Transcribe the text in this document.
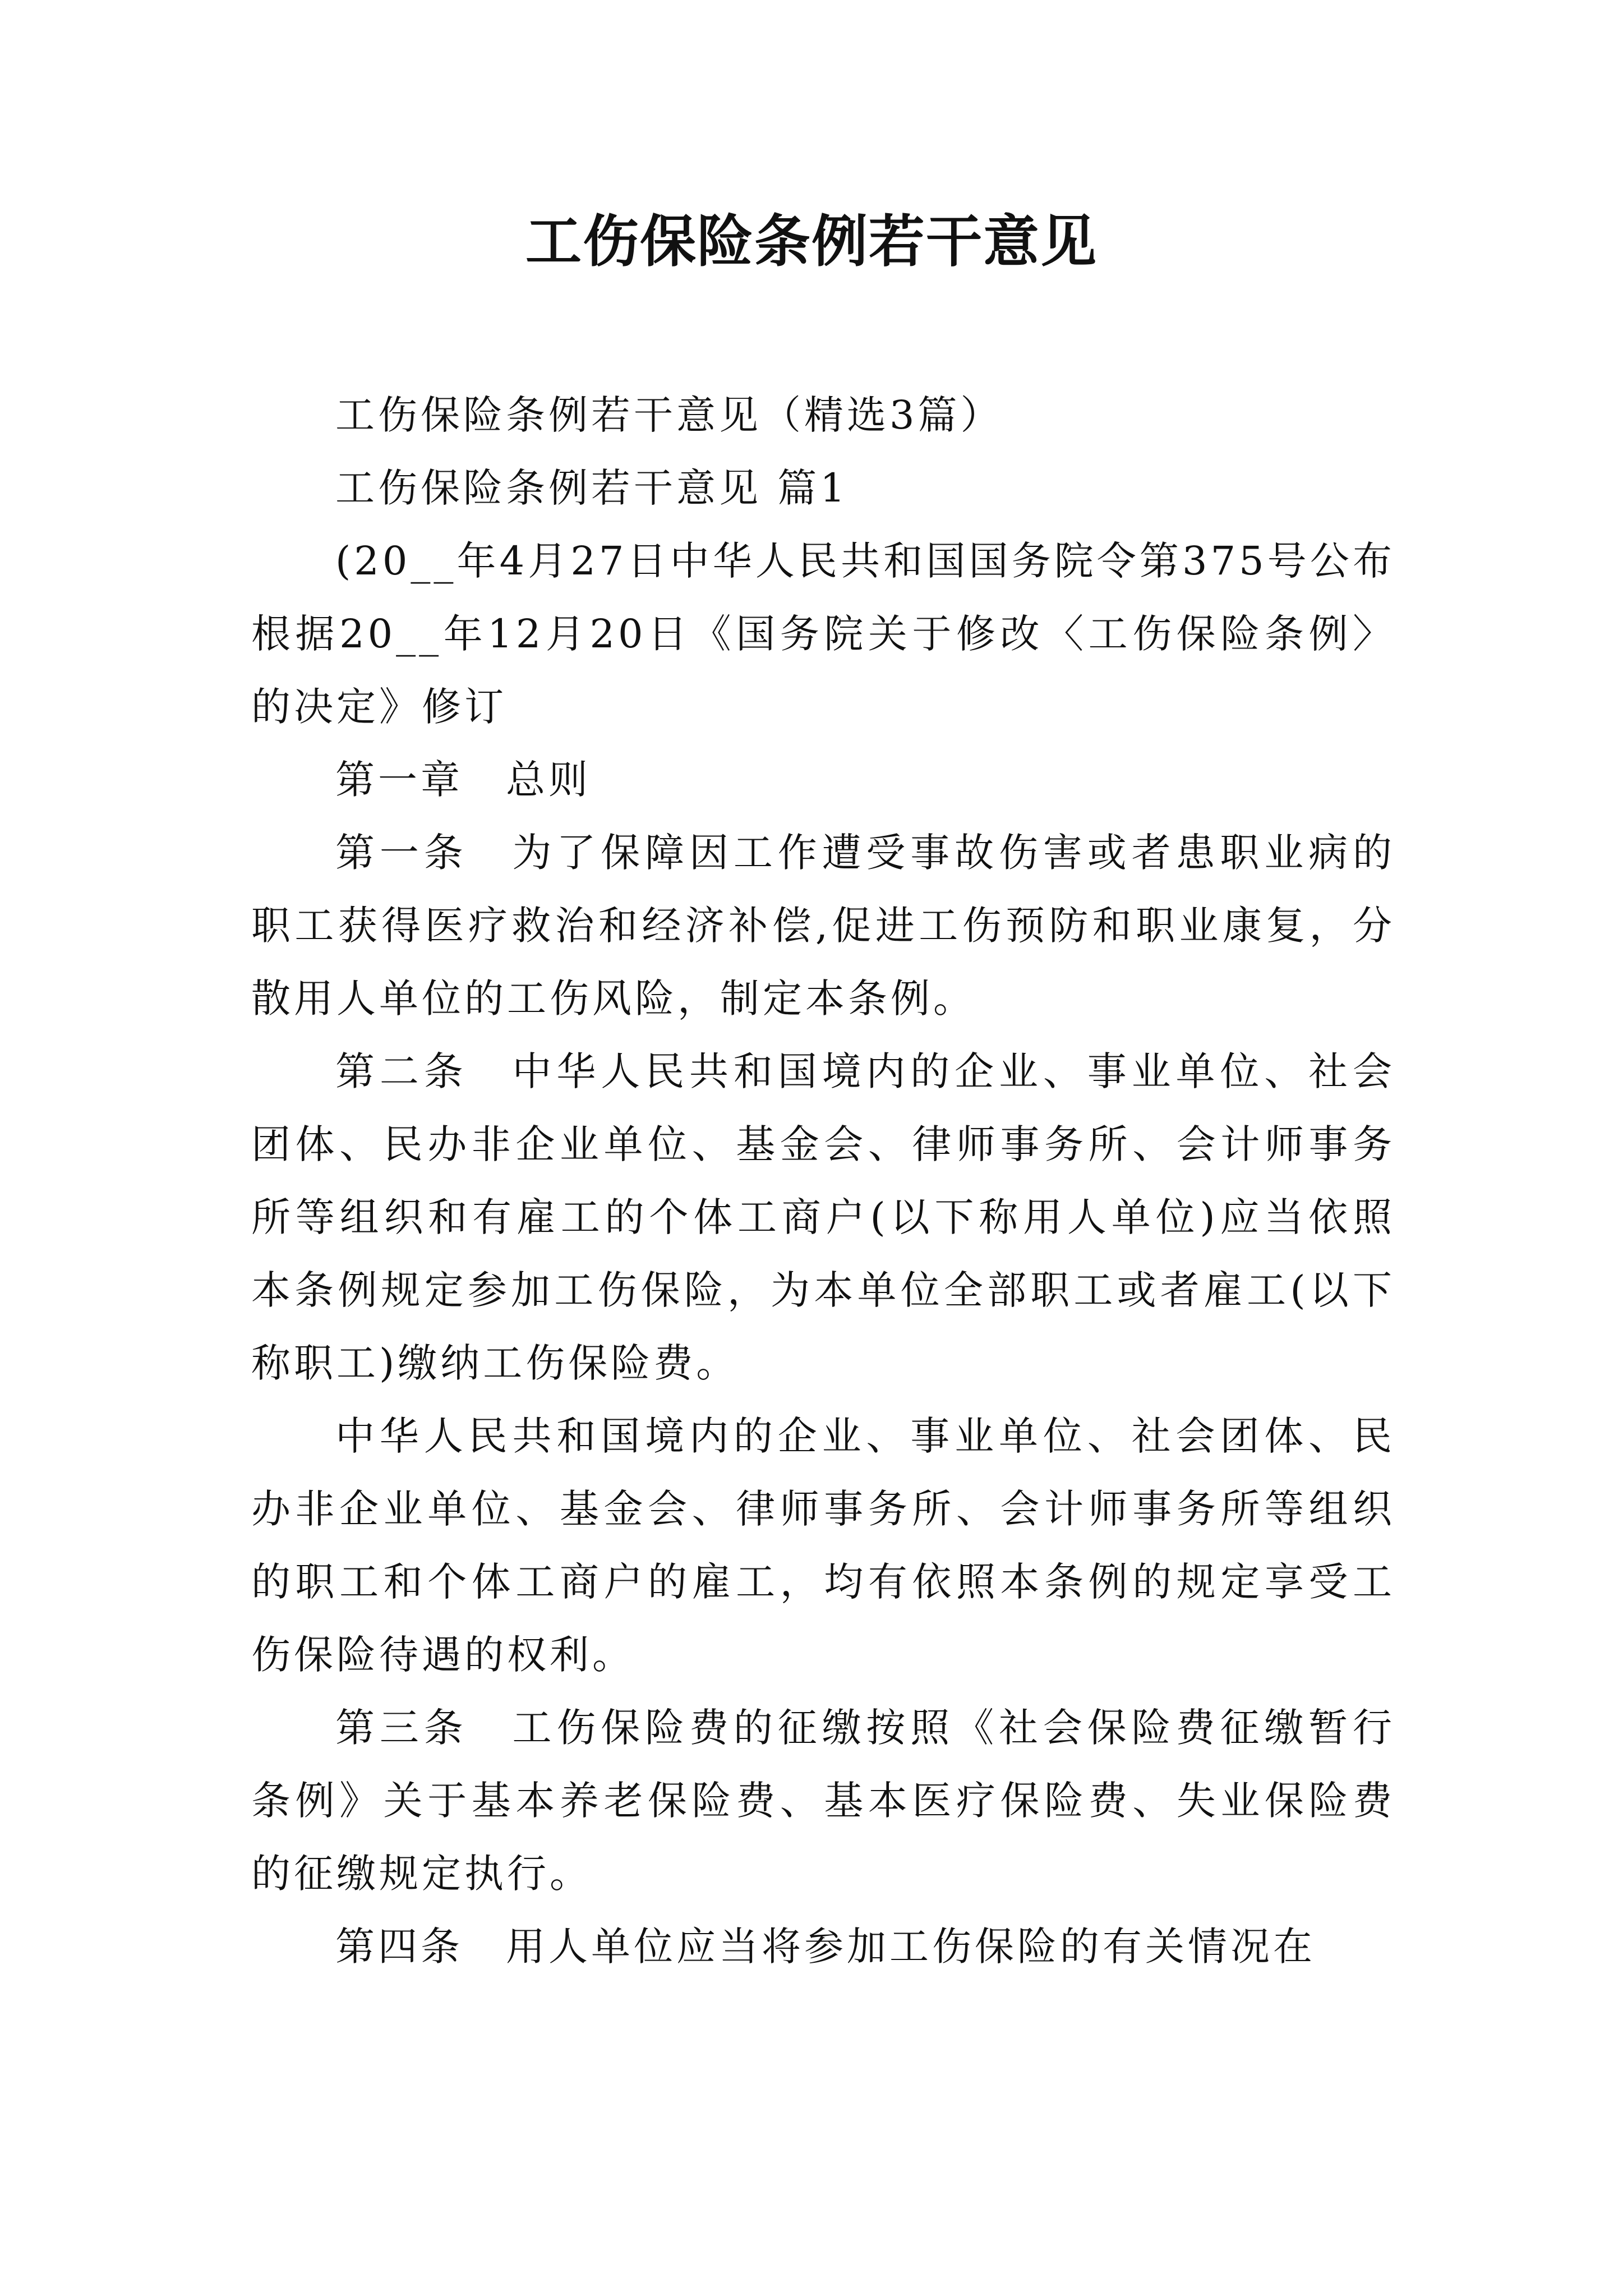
工伤保险条例若干意见

工伤保险条例若干意见（精选3篇）

工伤保险条例若干意见 篇1

(20__年4月27日中华人民共和国国务院令第375号公布根据20__年12月20日《国务院关于修改〈工伤保险条例〉的决定》修订

第一章　总则

第一条　为了保障因工作遭受事故伤害或者患职业病的职工获得医疗救治和经济补偿,促进工伤预防和职业康复，分散用人单位的工伤风险，制定本条例。

第二条　中华人民共和国境内的企业、事业单位、社会团体、民办非企业单位、基金会、律师事务所、会计师事务所等组织和有雇工的个体工商户(以下称用人单位)应当依照本条例规定参加工伤保险，为本单位全部职工或者雇工(以下称职工)缴纳工伤保险费。

中华人民共和国境内的企业、事业单位、社会团体、民办非企业单位、基金会、律师事务所、会计师事务所等组织的职工和个体工商户的雇工，均有依照本条例的规定享受工伤保险待遇的权利。

第三条　工伤保险费的征缴按照《社会保险费征缴暂行条例》关于基本养老保险费、基本医疗保险费、失业保险费的征缴规定执行。

第四条　用人单位应当将参加工伤保险的有关情况在
